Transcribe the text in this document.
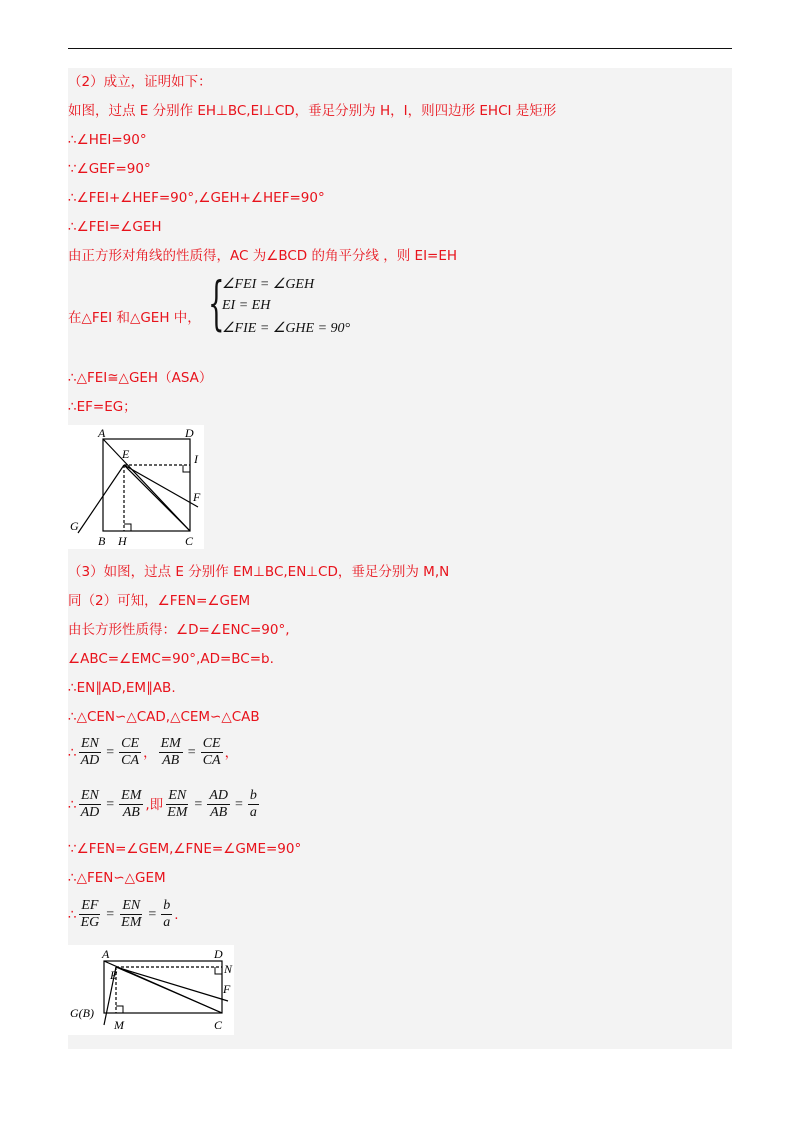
（2）成立，证明如下：
如图，过点 E 分别作 EH⊥BC,EI⊥CD，垂足分别为 H，I，则四边形 EHCI 是矩形
∴∠HEI=90°
∵∠GEF=90°
∴∠FEI+∠HEF=90°,∠GEH+∠HEF=90°
∴∠FEI=∠GEH
由正方形对角线的性质得，AC 为∠BCD 的角平分线 ，则 EI=EH
在△FEI 和△GEH 中， {
∠FEI = ∠GEH
EI = EH
∠FIE = ∠GHE = 90°
∴△FEI≅△GEH（ASA）
∴EF=EG；
A	D
E	I
F
G
B H	C
（3）如图，过点 E 分别作 EM⊥BC,EN⊥CD，垂足分别为 M,N
同（2）可知，∠FEN=∠GEM
由长方形性质得：∠D=∠ENC=90°,
∠ABC=∠EMC=90°,AD=BC=b.
∴EN∥AD,EM∥AB.
∴△CEN∽△CAD,△CEM∽△CAB
∴ $\frac{EN}{AD} = \frac{CE}{CA}$ ， $\frac{EM}{AB} = \frac{CE}{CA}$ ，
∴ $\frac{EN}{AD} = \frac{EM}{AB}$ ,即 $\frac{EN}{EM} = \frac{AD}{AB} = \frac{b}{a}$
∵∠FEN=∠GEM,∠FNE=∠GME=90°
∴△FEN∽△GEM
∴ $\frac{EF}{EG} = \frac{EN}{EM} = \frac{b}{a}$ .
A	D
E	N
F
G(B)
M	C
